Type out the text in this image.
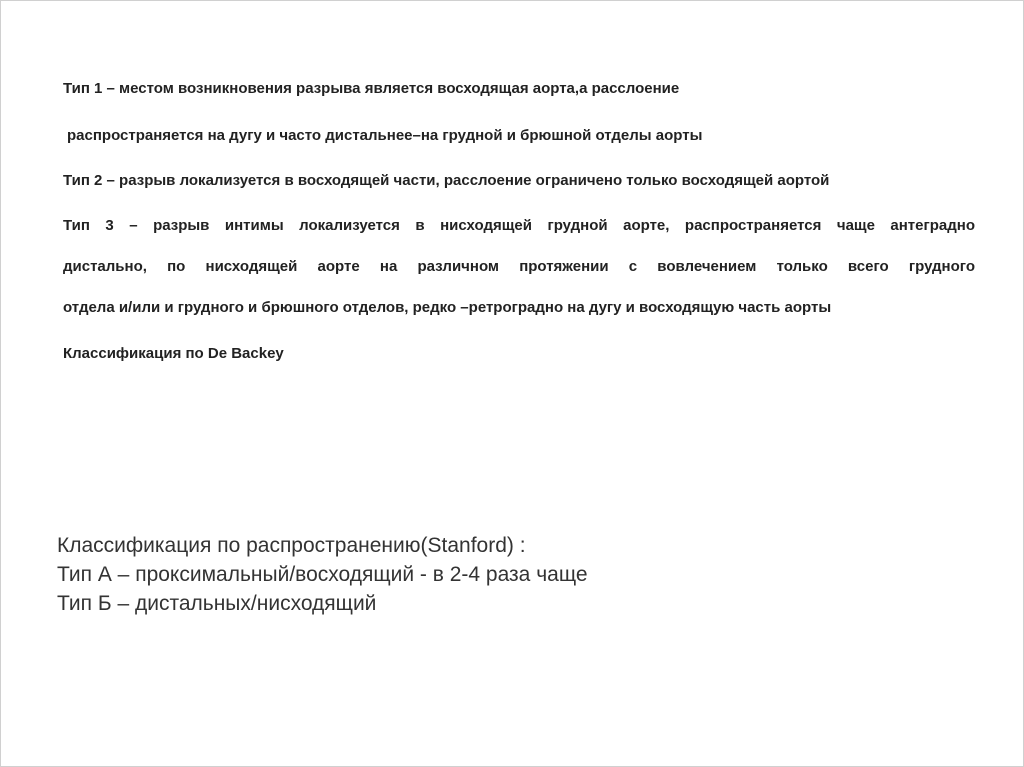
Тип 1 – местом возникновения разрыва является восходящая аорта,а расслоение
распространяется на дугу и часто дистальнее–на грудной и брюшной отделы аорты
Тип 2 – разрыв локализуется в восходящей части, расслоение ограничено только восходящей аортой
Тип 3 – разрыв интимы локализуется в нисходящей грудной аорте, распространяется чаще антеградно
дистально, по нисходящей аорте на различном протяжении с вовлечением только всего грудного
отдела и/или и грудного и брюшного отделов, редко –ретроградно на дугу и восходящую часть аорты
Классификация по De Backey
Классификация по распространению(Stanford) :
Тип А – проксимальный/восходящий - в 2-4 раза чаще
Тип Б – дистальных/нисходящий
